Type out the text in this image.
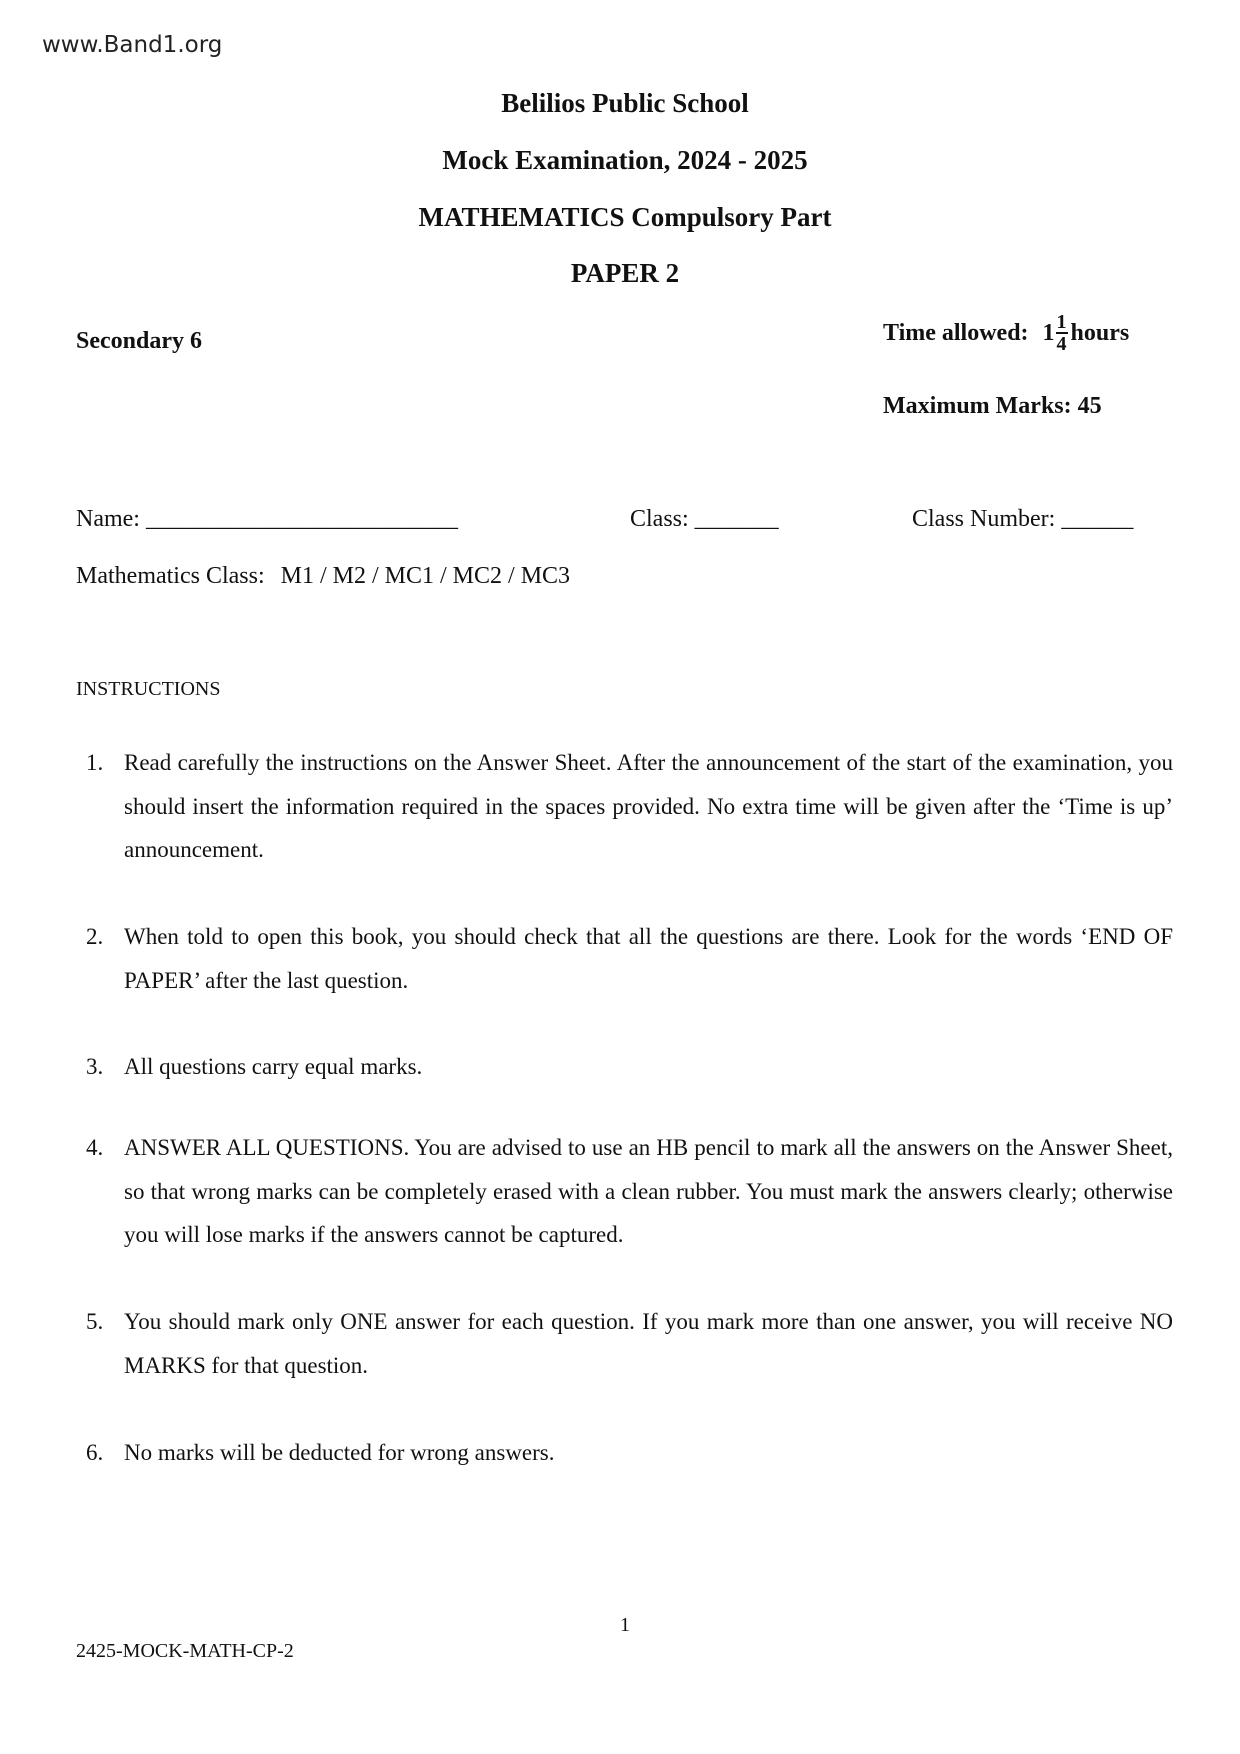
www.Band1.org
Belilios Public School
Mock Examination, 2024 - 2025
MATHEMATICS Compulsory Part
PAPER 2
Secondary 6	Time allowed: $1 \frac{1}{4}$ hours
Maximum Marks: 45
Name: __________________________	Class: _______	Class Number: ______
Mathematics Class: M1 / M2 / MC1 / MC2 / MC3
INSTRUCTIONS
1. Read carefully the instructions on the Answer Sheet. After the announcement of the start of the examination, you should insert the information required in the spaces provided. No extra time will be given after the ‘Time is up’ announcement.
2. When told to open this book, you should check that all the questions are there. Look for the words ‘END OF PAPER’ after the last question.
3. All questions carry equal marks.
4. ANSWER ALL QUESTIONS. You are advised to use an HB pencil to mark all the answers on the Answer Sheet, so that wrong marks can be completely erased with a clean rubber. You must mark the answers clearly; otherwise you will lose marks if the answers cannot be captured.
5. You should mark only ONE answer for each question. If you mark more than one answer, you will receive NO MARKS for that question.
6. No marks will be deducted for wrong answers.
1
2425-MOCK-MATH-CP-2
